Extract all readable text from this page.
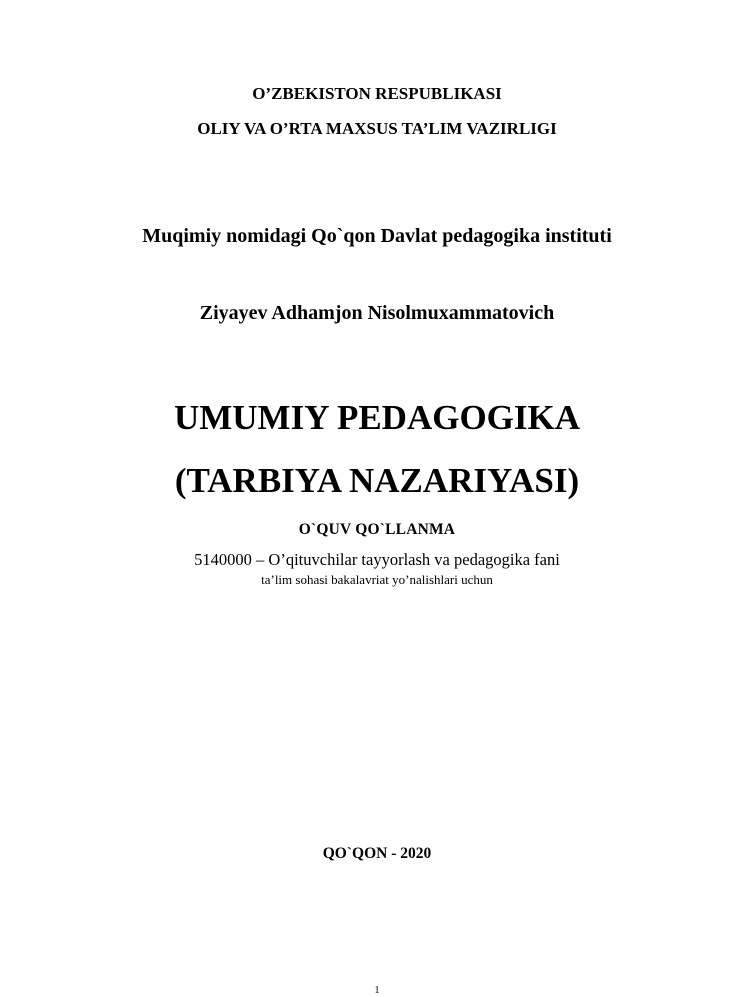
O’ZBEKISTON RESPUBLIKASI
OLIY VA O’RTA MAXSUS TA’LIM VAZIRLIGI
Muqimiy nomidagi Qo`qon Davlat pedagogika instituti
Ziyayev Adhamjon Nisolmuxammatovich
UMUMIY PEDAGOGIKA
(TARBIYA NAZARIYASI)
O`QUV QO`LLANMA
5140000 – O’qituvchilar tayyorlash va pedagogika fani
ta’lim sohasi bakalavriat yo’nalishlari uchun
QO`QON - 2020
1
